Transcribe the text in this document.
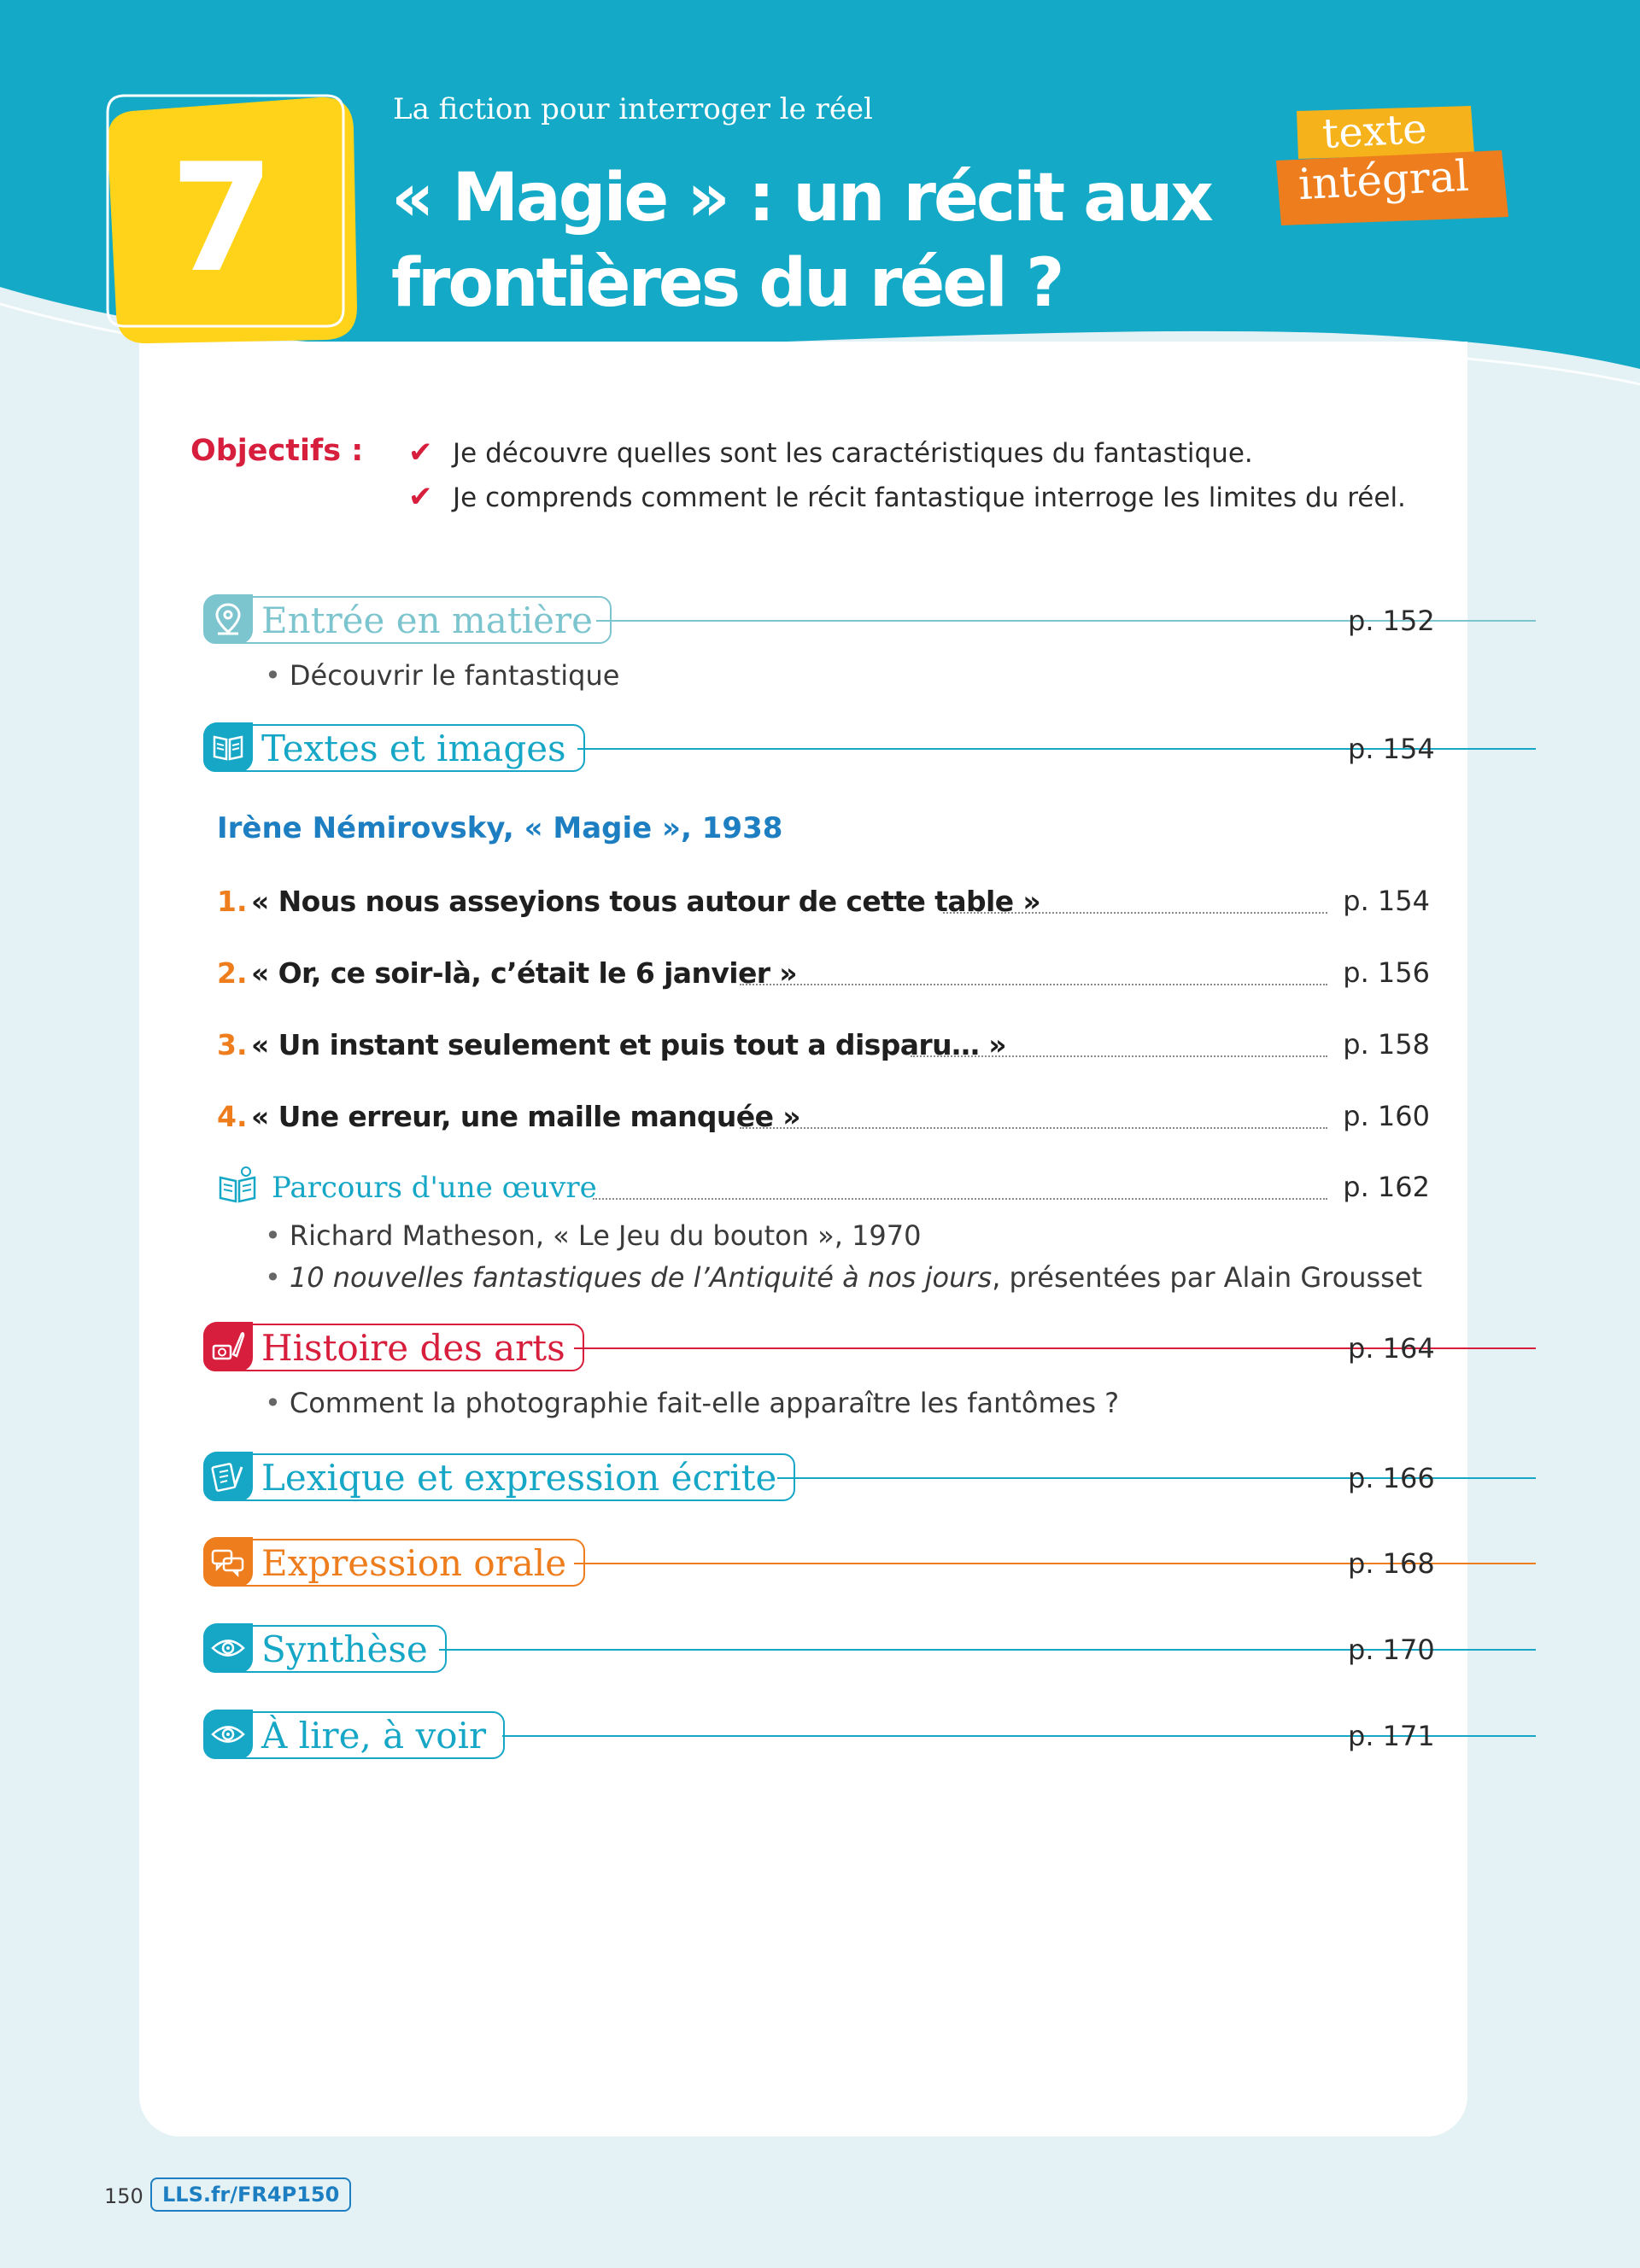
7
La fiction pour interroger le réel
« Magie » : un récit aux
frontières du réel ?
texte
intégral
Objectifs : ✔ Je découvre quelles sont les caractéristiques du fantastique.
✔ Je comprends comment le récit fantastique interroge les limites du réel.
Entrée en matière	p. 152
• Découvrir le fantastique
Textes et images	p. 154
Irène Némirovsky, « Magie », 1938
1. « Nous nous asseyions tous autour de cette table »	p. 154
2. « Or, ce soir-là, c’était le 6 janvier »	p. 156
3. « Un instant seulement et puis tout a disparu… »	p. 158
4. « Une erreur, une maille manquée »	p. 160
Parcours d'une œuvre	p. 162
• Richard Matheson, « Le Jeu du bouton », 1970
• 10 nouvelles fantastiques de l’Antiquité à nos jours, présentées par Alain Grousset
Histoire des arts	p. 164
• Comment la photographie fait-elle apparaître les fantômes ?
Lexique et expression écrite	p. 166
Expression orale	p. 168
Synthèse	p. 170
À lire, à voir	p. 171
150 LLS.fr/FR4P150
